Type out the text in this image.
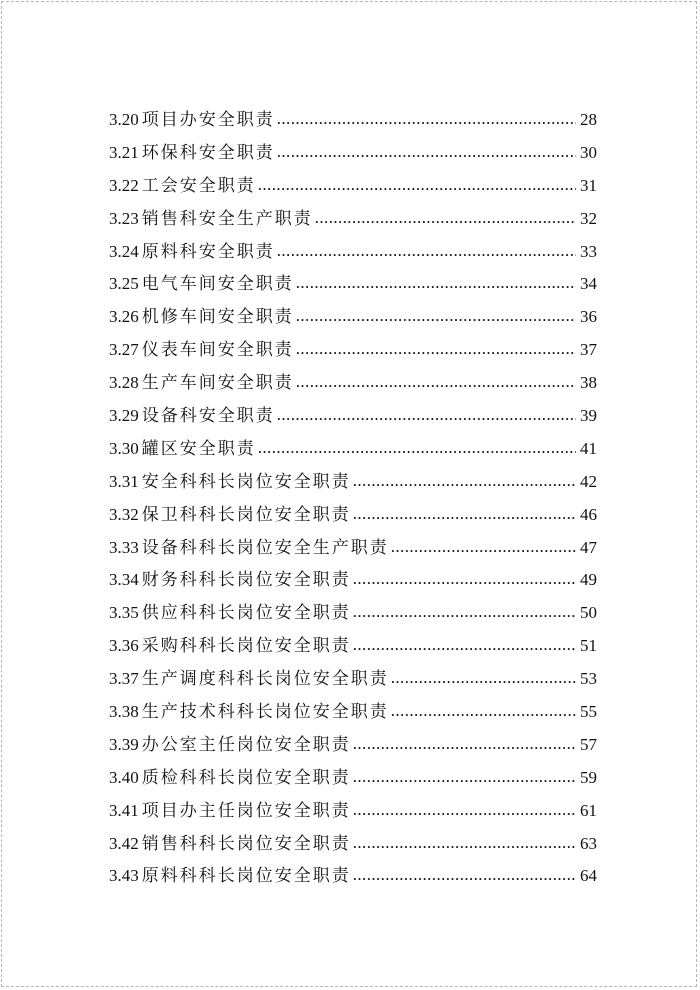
3.20 项目办安全职责 .....	28
3.21 环保科安全职责 .....	30
3.22 工会安全职责 .....	31
3.23 销售科安全生产职责 .....	32
3.24 原料科安全职责 .....	33
3.25 电气车间安全职责 .....	34
3.26 机修车间安全职责 .....	36
3.27 仪表车间安全职责 .....	37
3.28 生产车间安全职责 .....	38
3.29 设备科安全职责 .....	39
3.30 罐区安全职责 .....	41
3.31 安全科科长岗位安全职责 .....	42
3.32 保卫科科长岗位安全职责 .....	46
3.33 设备科科长岗位安全生产职责 .....	47
3.34 财务科科长岗位安全职责 .....	49
3.35 供应科科长岗位安全职责 .....	50
3.36 采购科科长岗位安全职责 .....	51
3.37 生产调度科科长岗位安全职责 .....	53
3.38 生产技术科科长岗位安全职责 .....	55
3.39 办公室主任岗位安全职责 .....	57
3.40 质检科科长岗位安全职责 .....	59
3.41 项目办主任岗位安全职责 .....	61
3.42 销售科科长岗位安全职责 .....	63
3.43 原料科科长岗位安全职责 .....	64
